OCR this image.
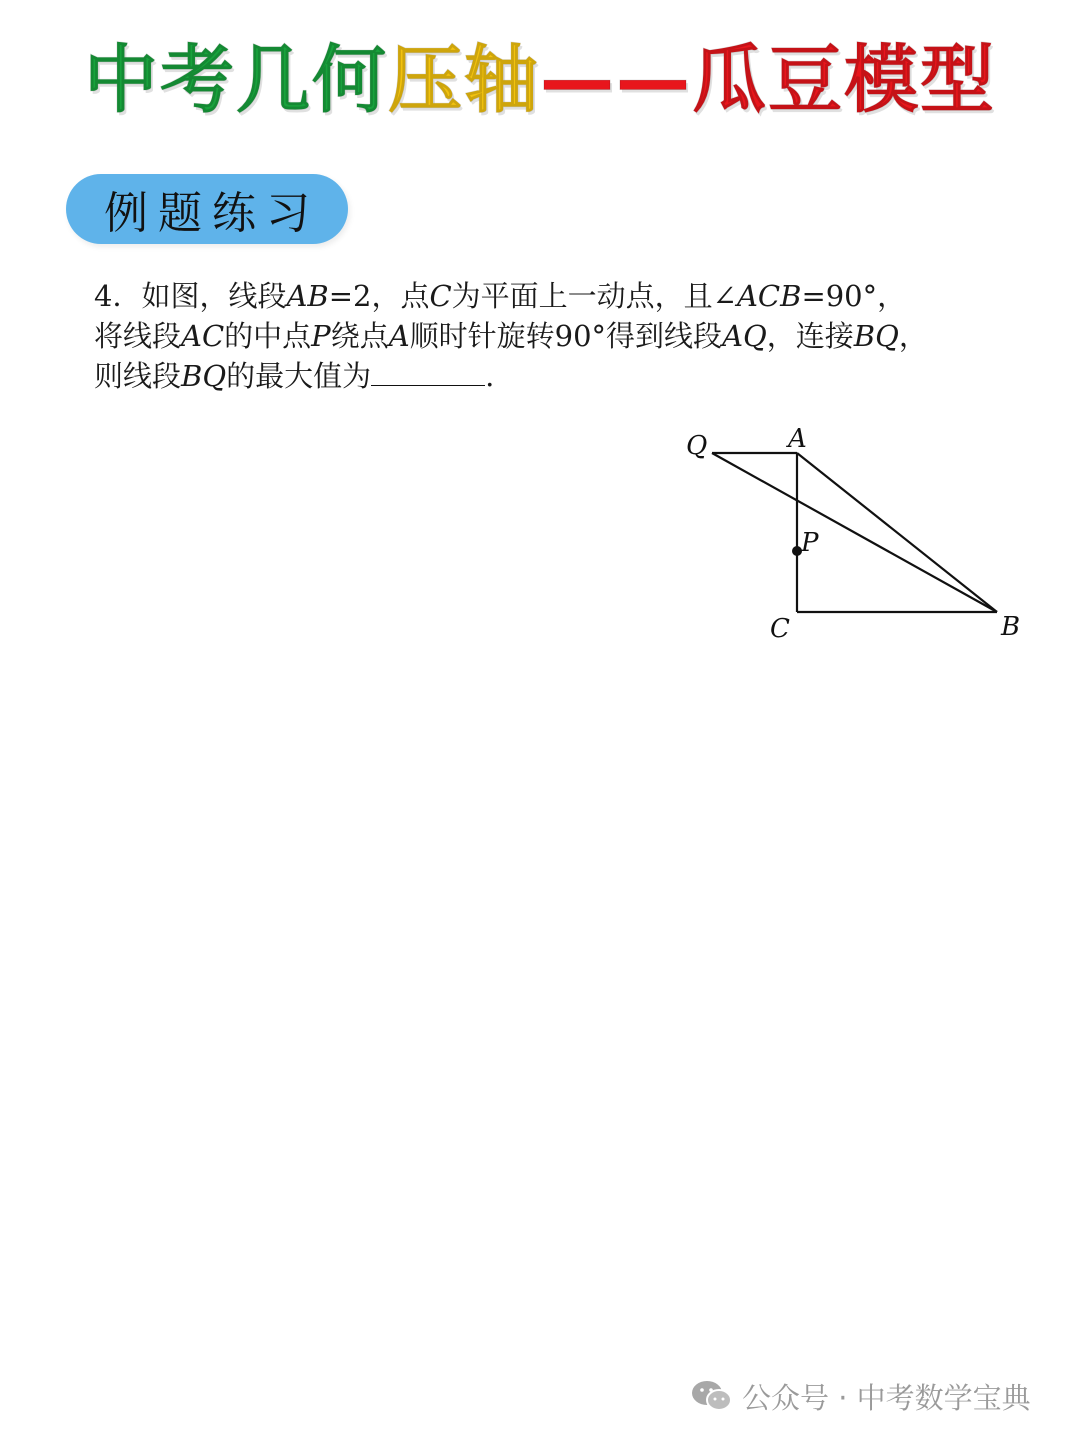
中考几何压轴——瓜豆模型
例题练习
4．如图，线段AB=2，点C为平面上一动点，且∠ACB=90°，
将线段AC的中点P绕点A顺时针旋转90°得到线段AQ，连接BQ，
则线段BQ的最大值为	.
Q	A
P
C	B
公众号 · 中考数学宝典
